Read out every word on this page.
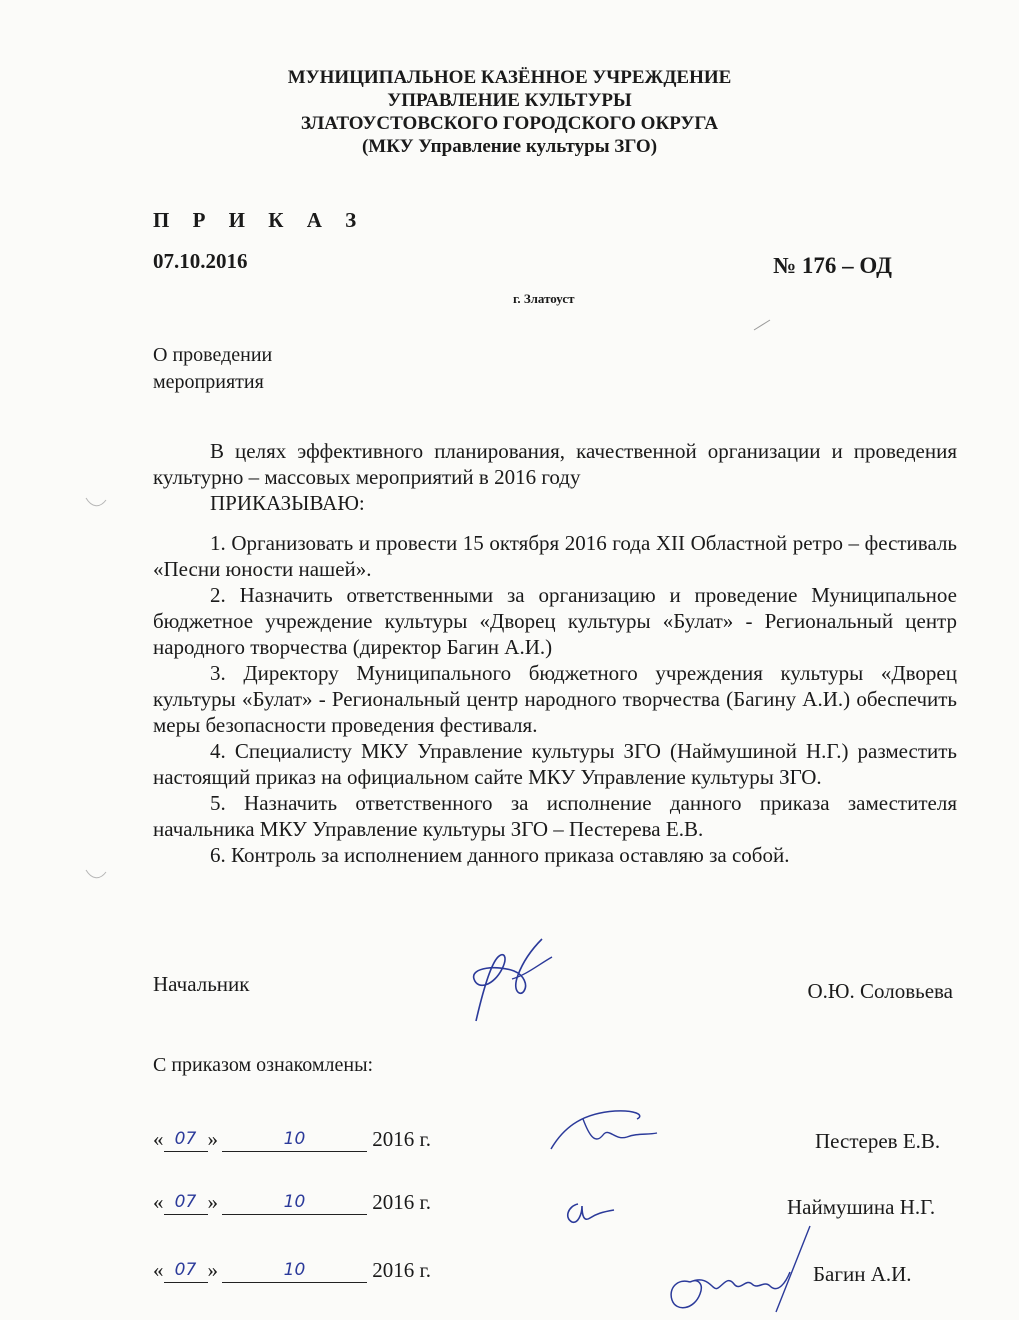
МУНИЦИПАЛЬНОЕ КАЗЁННОЕ УЧРЕЖДЕНИЕ
УПРАВЛЕНИЕ КУЛЬТУРЫ
ЗЛАТОУСТОВСКОГО ГОРОДСКОГО ОКРУГА
(МКУ Управление культуры ЗГО)
П Р И К А З
07.10.2016	№ 176 – ОД
г. Златоуст
О проведении
мероприятия

В целях эффективного планирования, качественной организации и проведения культурно – массовых мероприятий в 2016 году

ПРИКАЗЫВАЮ:

1. Организовать и провести 15 октября 2016 года XII Областной ретро – фестиваль «Песни юности нашей».

2. Назначить ответственными за организацию и проведение Муниципальное бюджетное учреждение культуры «Дворец культуры «Булат» - Региональный центр народного творчества (директор Багин А.И.)

3. Директору Муниципального бюджетного учреждения культуры «Дворец культуры «Булат» - Региональный центр народного творчества (Багину А.И.) обеспечить меры безопасности проведения фестиваля.

4. Специалисту МКУ Управление культуры ЗГО (Наймушиной Н.Г.) разместить настоящий приказ на официальном сайте МКУ Управление культуры ЗГО.

5. Назначить ответственного за исполнение данного приказа заместителя начальника МКУ Управление культуры ЗГО – Пестерева Е.В.

6. Контроль за исполнением данного приказа оставляю за собой.

Начальник	О.Ю. Соловьева
С приказом ознакомлены:
« 07 »	10	2016 г.	Пестерев Е.В.
« 07 »	10	2016 г.	Наймушина Н.Г.
« 07 »	10	2016 г.	Багин А.И.
